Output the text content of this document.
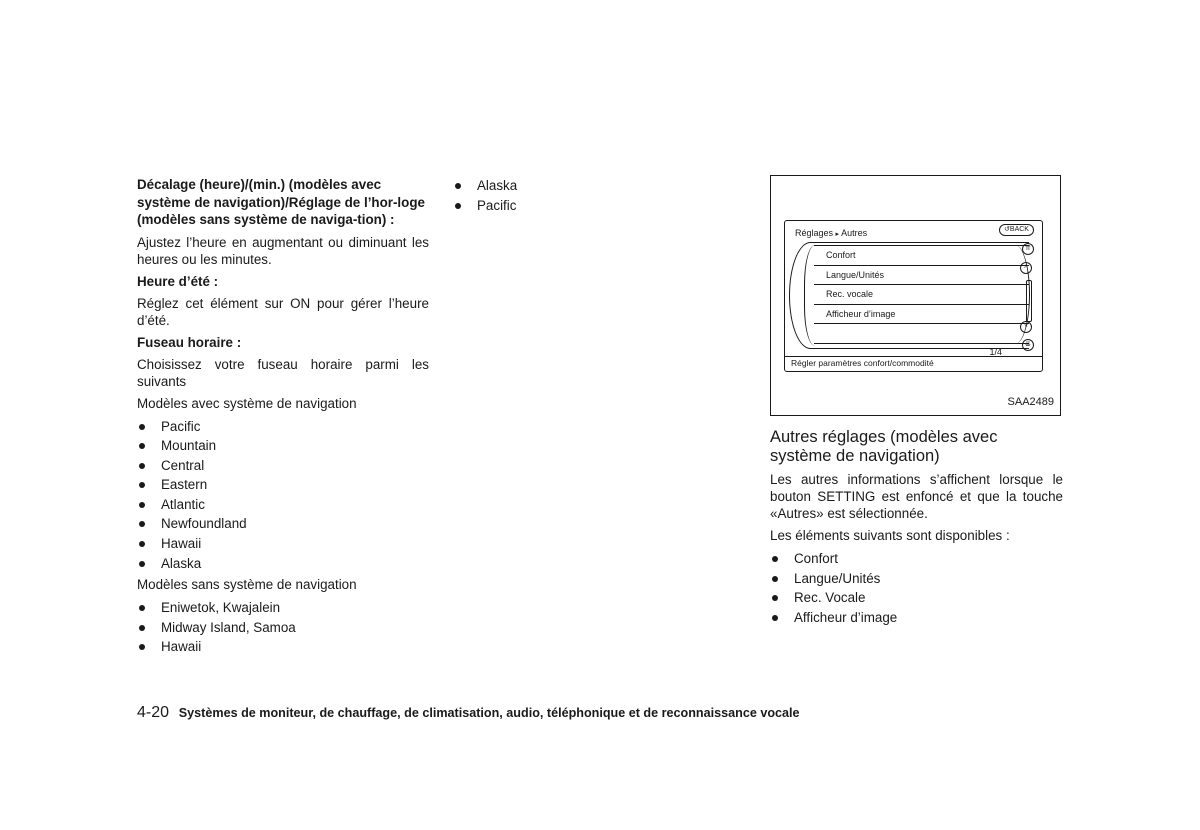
Décalage (heure)/(min.) (modèles avec système de navigation)/Réglage de l’hor-loge (modèles sans système de naviga-tion) :

Ajustez l’heure en augmentant ou diminuant les heures ou les minutes.

Heure d’été :

Réglez cet élément sur ON pour gérer l’heure d’été.

Fuseau horaire :

Choisissez votre fuseau horaire parmi les suivants

Modèles avec système de navigation

Pacific
Mountain
Central
Eastern
Atlantic
Newfoundland
Hawaii
Alaska

Modèles sans système de navigation

Eniwetok, Kwajalein
Midway Island, Samoa
Hawaii
Alaska
Pacific
Réglages ▸ Autres	↺BACK
Confort
Langue/Unités
Rec. vocale
Afficheur d’image
⇈
˄
˅
⇊
1/4
Régler paramètres confort/commodité
SAA2489

Autres réglages (modèles avec système de navigation)

Les autres informations s’affichent lorsque le bouton SETTING est enfoncé et que la touche «Autres» est sélectionnée.

Les éléments suivants sont disponibles :

Confort
Langue/Unités
Rec. Vocale
Afficheur d’image
4-20 Systèmes de moniteur, de chauffage, de climatisation, audio, téléphonique et de reconnaissance vocale
